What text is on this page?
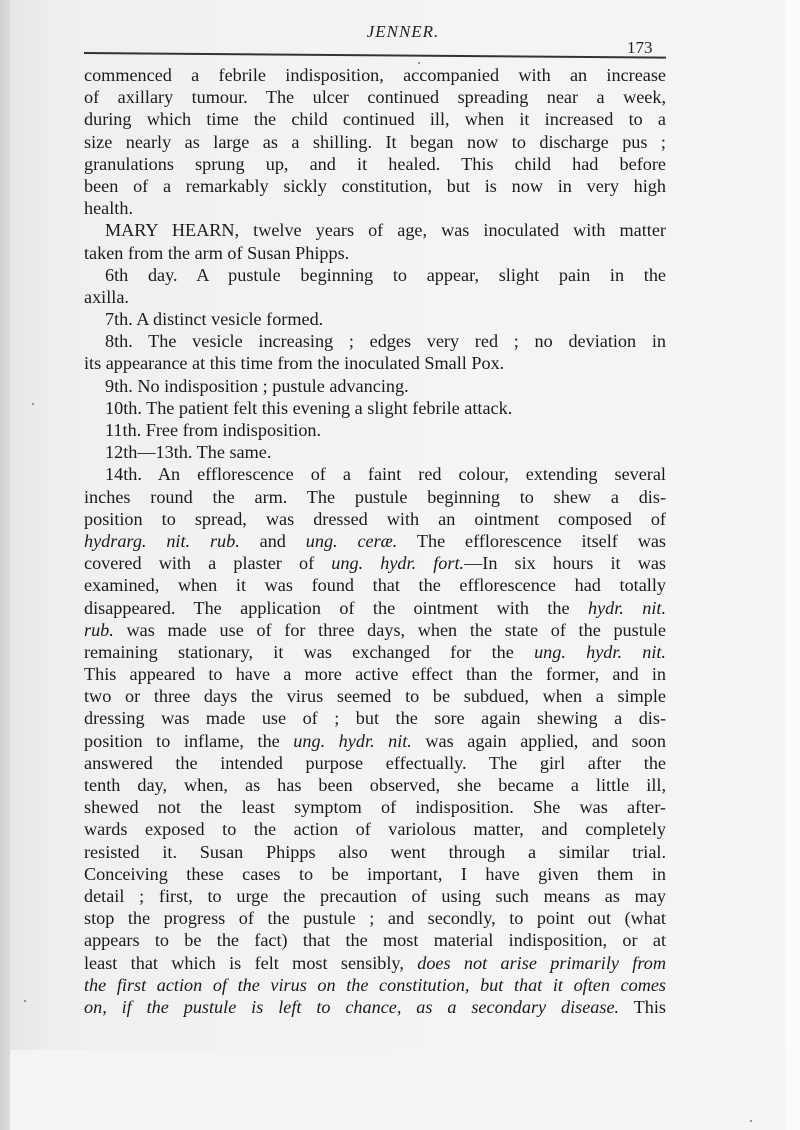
JENNER.
173
commenced a febrile indisposition, accompanied with an increase
of axillary tumour. The ulcer continued spreading near a week,
during which time the child continued ill, when it increased to a
size nearly as large as a shilling. It began now to discharge pus ;
granulations sprung up, and it healed. This child had before
been of a remarkably sickly constitution, but is now in very high
health.
MARY HEARN, twelve years of age, was inoculated with matter
taken from the arm of Susan Phipps.
6th day. A pustule beginning to appear, slight pain in the
axilla.
7th. A distinct vesicle formed.
8th. The vesicle increasing ; edges very red ; no deviation in
its appearance at this time from the inoculated Small Pox.
9th. No indisposition ; pustule advancing.
10th. The patient felt this evening a slight febrile attack.
11th. Free from indisposition.
12th—13th. The same.
14th. An efflorescence of a faint red colour, extending several
inches round the arm. The pustule beginning to shew a dis-
position to spread, was dressed with an ointment composed of
hydrarg. nit. rub. and ung. ceræ. The efflorescence itself was
covered with a plaster of ung. hydr. fort.—In six hours it was
examined, when it was found that the efflorescence had totally
disappeared. The application of the ointment with the hydr. nit.
rub. was made use of for three days, when the state of the pustule
remaining stationary, it was exchanged for the ung. hydr. nit.
This appeared to have a more active effect than the former, and in
two or three days the virus seemed to be subdued, when a simple
dressing was made use of ; but the sore again shewing a dis-
position to inflame, the ung. hydr. nit. was again applied, and soon
answered the intended purpose effectually. The girl after the
tenth day, when, as has been observed, she became a little ill,
shewed not the least symptom of indisposition. She was after-
wards exposed to the action of variolous matter, and completely
resisted it. Susan Phipps also went through a similar trial.
Conceiving these cases to be important, I have given them in
detail ; first, to urge the precaution of using such means as may
stop the progress of the pustule ; and secondly, to point out (what
appears to be the fact) that the most material indisposition, or at
least that which is felt most sensibly, does not arise primarily from
the first action of the virus on the constitution, but that it often comes
on, if the pustule is left to chance, as a secondary disease. This
